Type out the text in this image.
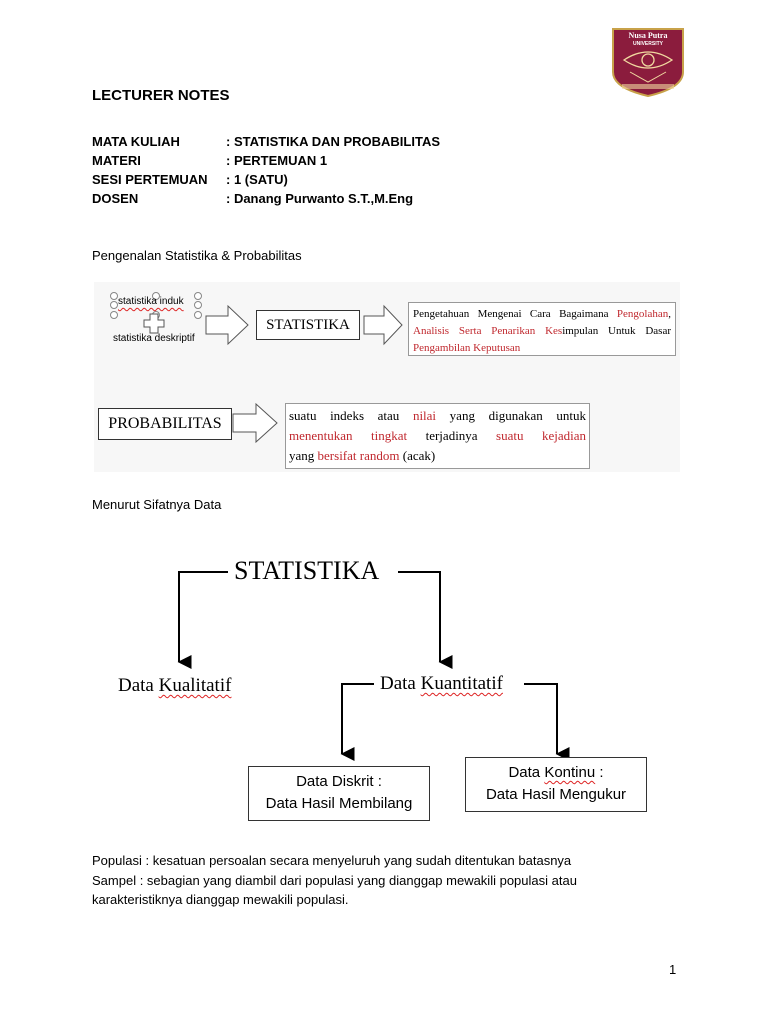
Nusa Putra
UNIVERSITY
LECTURER NOTES
MATA KULIAH	: STATISTIKA DAN PROBABILITAS
MATERI	: PERTEMUAN 1
SESI PERTEMUAN : 1 (SATU)
DOSEN	: Danang Purwanto S.T.,M.Eng
Pengenalan Statistika & Probabilitas
statistika induk
statistika deskriptif
STATISTIKA
Pengetahuan Mengenai Cara Bagaimana Pengolahan, Analisis Serta Penarikan Kesimpulan Untuk Dasar
Pengambilan Keputusan
PROBABILITAS	suatu indeks atau nilai yang digunakan untuk menentukan tingkat terjadinya suatu kejadian
yang bersifat random (acak)
Menurut Sifatnya Data
STATISTIKA
Data Kualitatif	Data Kuantitatif
Data Diskrit :
Data Hasil Membilang
Data Kontinu :
Data Hasil Mengukur
Populasi : kesatuan persoalan secara menyeluruh yang sudah ditentukan batasnya
Sampel : sebagian yang diambil dari populasi yang dianggap mewakili populasi atau
karakteristiknya dianggap mewakili populasi.
1
